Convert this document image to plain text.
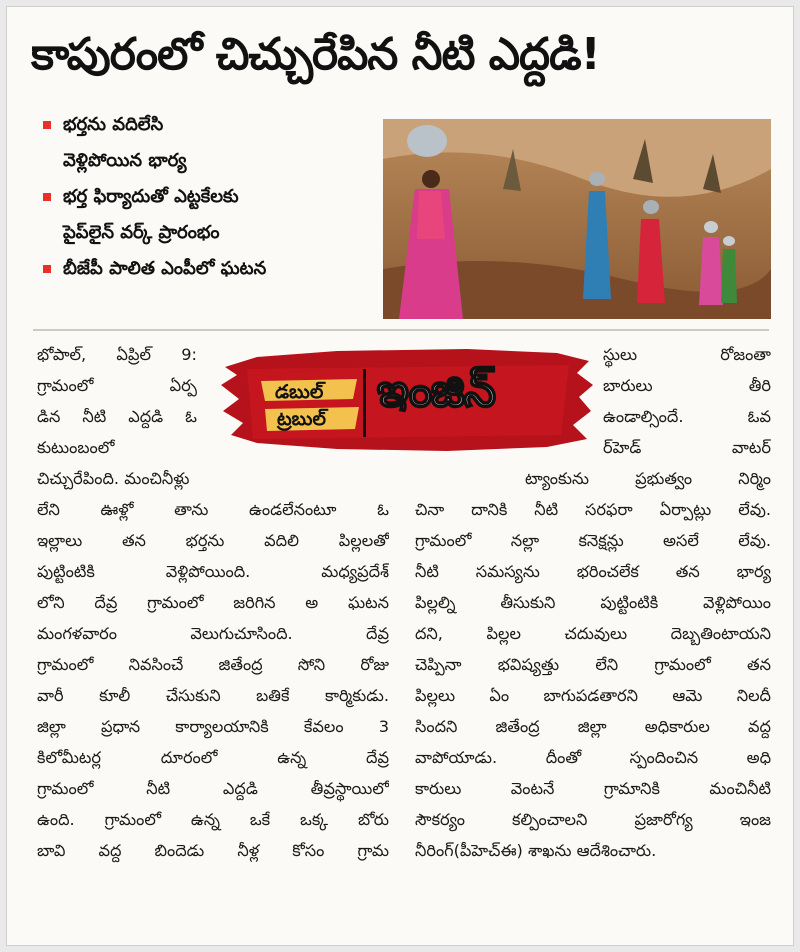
కాపురంలో చిచ్చురేపిన నీటి ఎద్దడి!
భర్తను వదిలేసి
వెళ్లిపోయిన భార్య
భర్త ఫిర్యాదుతో ఎట్టకేలకు
పైప్‌లైన్ వర్క్ ప్రారంభం
బీజేపీ పాలిత ఎంపీలో ఘటన
భోపాల్, ఏప్రిల్ 9:
గ్రామంలో ఏర్ప
డిన నీటి ఎద్దడి ఓ
కుటుంబంలో
చిచ్చురేపింది. మంచినీళ్లు
లేని ఊళ్లో తాను ఉండలేనంటూ ఓ
ఇల్లాలు తన భర్తను వదిలి పిల్లలతో
పుట్టింటికి వెళ్లిపోయింది. మధ్యప్రదేశ్
లోని దేవ్ర గ్రామంలో జరిగిన అ ఘటన
మంగళవారం వెలుగుచూసింది. దేవ్ర
గ్రామంలో నివసించే జితేంద్ర సోని రోజు
వారీ కూలీ చేసుకుని బతికే కార్మికుడు.
జిల్లా ప్రధాన కార్యాలయానికి కేవలం 3
కిలోమీటర్ల దూరంలో ఉన్న దేవ్ర
గ్రామంలో నీటి ఎద్దడి తీవ్రస్థాయిలో
ఉంది. గ్రామంలో ఉన్న ఒకే ఒక్క బోరు
బావి వద్ద బిందెడు నీళ్ల కోసం గ్రామ
స్థులు రోజంతా
బారులు తీరి
ఉండాల్సిందే. ఓవ
ర్‌హెడ్ వాటర్
ట్యాంకును ప్రభుత్వం నిర్మిం
చినా దానికి నీటి సరఫరా ఏర్పాట్లు లేవు.
గ్రామంలో నల్లా కనెక్షన్లు అసలే లేవు.
నీటి సమస్యను భరించలేక తన భార్య
పిల్లల్ని తీసుకుని పుట్టింటికి వెళ్లిపోయిం
దని, పిల్లల చదువులు దెబ్బతింటాయని
చెప్పినా భవిష్యత్తు లేని గ్రామంలో తన
పిల్లలు ఏం బాగుపడతారని ఆమె నిలదీ
సిందని జితేంద్ర జిల్లా అధికారుల వద్ద
వాపోయాడు. దీంతో స్పందించిన అధి
కారులు వెంటనే గ్రామానికి మంచినీటి
సౌకర్యం కల్పించాలని ప్రజారోగ్య ఇంజ
నీరింగ్(పీహెచ్‌ఈ) శాఖను ఆదేశించారు.
డబుల్
ట్రబుల్
ఇంజిన్
